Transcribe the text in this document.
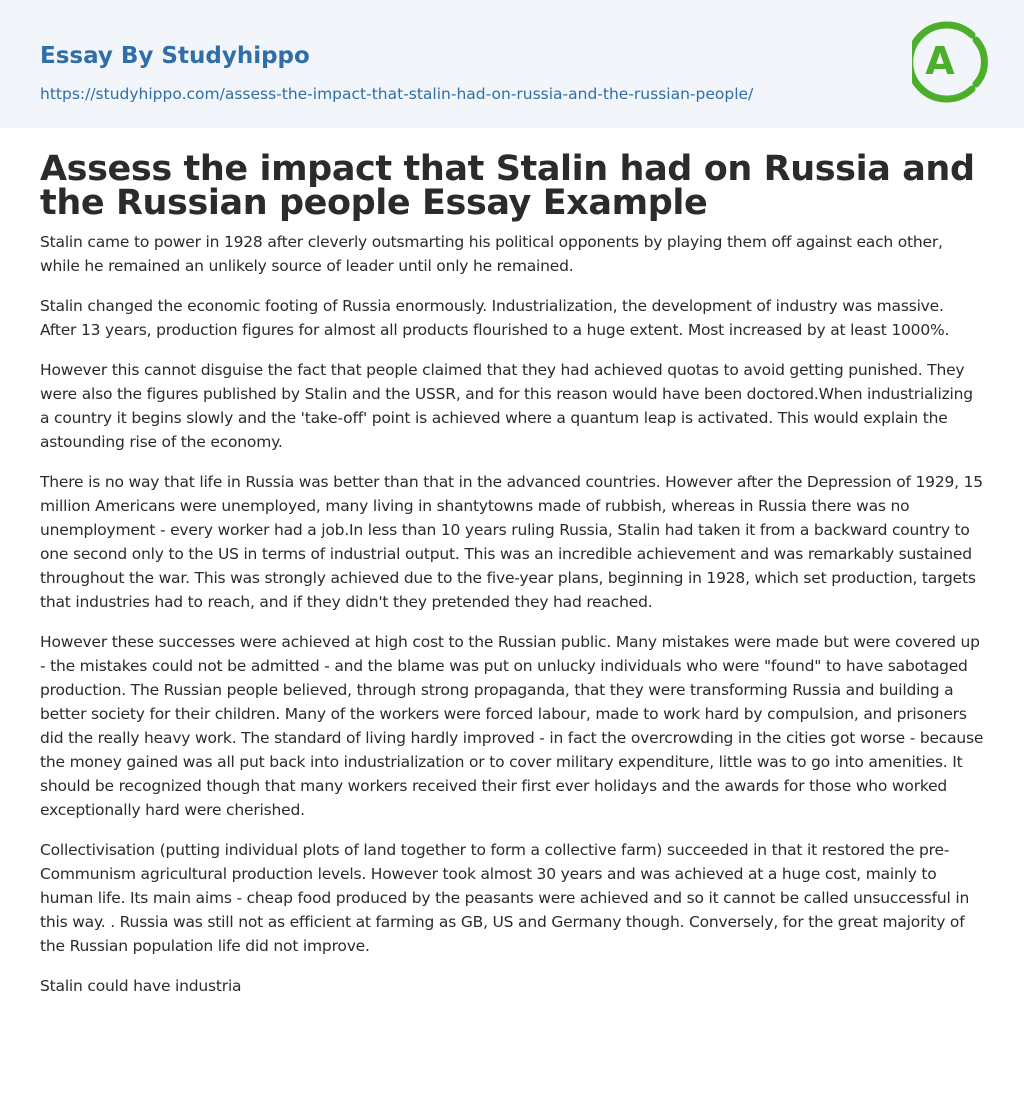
Essay By Studyhippo
https://studyhippo.com/assess-the-impact-that-stalin-had-on-russia-and-the-russian-people/
A
Assess the impact that Stalin had on Russia and the Russian people Essay Example

Stalin came to power in 1928 after cleverly outsmarting his political opponents by playing them off against each other, while he remained an unlikely source of leader until only he remained.

Stalin changed the economic footing of Russia enormously. Industrialization, the development of industry was massive. After 13 years, production figures for almost all products flourished to a huge extent. Most increased by at least 1000%.

However this cannot disguise the fact that people claimed that they had achieved quotas to avoid getting punished. They were also the figures published by Stalin and the USSR, and for this reason would have been doctored.When industrializing a country it begins slowly and the 'take-off' point is achieved where a quantum leap is activated. This would explain the astounding rise of the economy.

There is no way that life in Russia was better than that in the advanced countries. However after the Depression of 1929, 15 million Americans were unemployed, many living in shantytowns made of rubbish, whereas in Russia there was no unemployment - every worker had a job.In less than 10 years ruling Russia, Stalin had taken it from a backward country to one second only to the US in terms of industrial output. This was an incredible achievement and was remarkably sustained throughout the war. This was strongly achieved due to the five-year plans, beginning in 1928, which set production, targets that industries had to reach, and if they didn't they pretended they had reached.

However these successes were achieved at high cost to the Russian public. Many mistakes were made but were covered up - the mistakes could not be admitted - and the blame was put on unlucky individuals who were "found" to have sabotaged production. The Russian people believed, through strong propaganda, that they were transforming Russia and building a better society for their children. Many of the workers were forced labour, made to work hard by compulsion, and prisoners did the really heavy work. The standard of living hardly improved - in fact the overcrowding in the cities got worse - because the money gained was all put back into industrialization or to cover military expenditure, little was to go into amenities. It should be recognized though that many workers received their first ever holidays and the awards for those who worked exceptionally hard were cherished.

Collectivisation (putting individual plots of land together to form a collective farm) succeeded in that it restored the pre-Communism agricultural production levels. However took almost 30 years and was achieved at a huge cost, mainly to human life. Its main aims - cheap food produced by the peasants were achieved and so it cannot be called unsuccessful in this way. . Russia was still not as efficient at farming as GB, US and Germany though. Conversely, for the great majority of the Russian population life did not improve.

Stalin could have industria
